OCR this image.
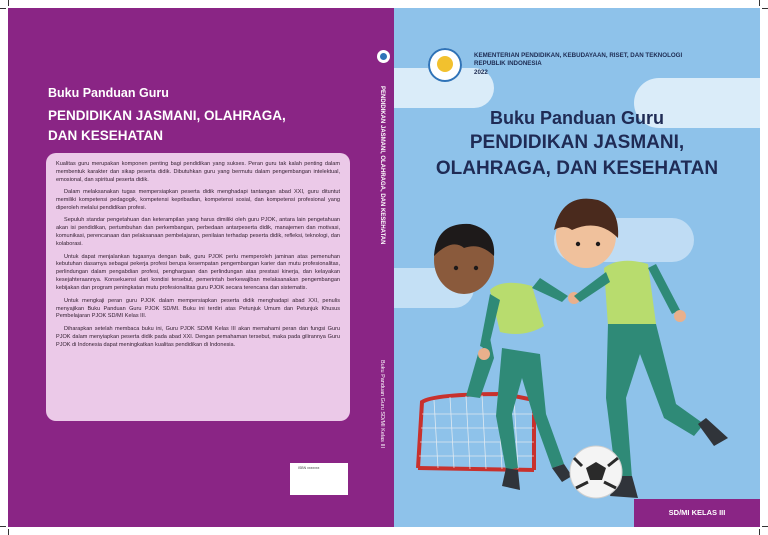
Buku Panduan Guru
PENDIDIKAN JASMANI, OLAHRAGA,
DAN KESEHATAN

Kualitas guru merupakan komponen penting bagi pendidikan yang sukses. Peran guru tak kalah penting dalam membentuk karakter dan sikap peserta didik. Dibutuhkan guru yang bermutu dalam pengembangan intelektual, emosional, dan spiritual peserta didik.

Dalam melaksanakan tugas mempersiapkan peserta didik menghadapi tantangan abad XXI, guru dituntut memiliki kompetensi pedagogik, kompetensi kepribadian, kompetensi sosial, dan kompetensi profesional yang diperoleh melalui pendidikan profesi.

Sepuluh standar pengetahuan dan keterampilan yang harus dimiliki oleh guru PJOK, antara lain pengetahuan akan isi pendidikan, pertumbuhan dan perkembangan, perbedaan antarpeserta didik, manajemen dan motivasi, komunikasi, perencanaan dan pelaksanaan pembelajaran, penilaian terhadap peserta didik, refleksi, teknologi, dan kolaborasi.

Untuk dapat menjalankan tugasnya dengan baik, guru PJOK perlu memperoleh jaminan atas pemenuhan kebutuhan dasarnya sebagai pekerja profesi berupa kesempatan pengembangan karier dan mutu profesionalitas, perlindungan dalam pengabdian profesi, penghargaan dan perlindungan atas prestasi kinerja, dan kelayakan kesejahteraannya. Konsekuensi dari kondisi tersebut, pemerintah berkewajiban melaksanakan pengembangan kebijakan dan program peningkatan mutu profesionalitas guru PJOK secara terencana dan sistematis.

Untuk mengkaji peran guru PJOK dalam mempersiapkan peserta didik menghadapi abad XXI, penulis menyajikan Buku Panduan Guru PJOK SD/MI. Buku ini terdiri atas Petunjuk Umum dan Petunjuk Khusus Pembelajaran PJOK SD/MI Kelas III.

Diharapkan setelah membaca buku ini, Guru PJOK SD/MI Kelas III akan memahami peran dan fungsi Guru PJOK dalam menyiapkan peserta didik pada abad XXI. Dengan pemahaman tersebut, maka pada gilirannya Guru PJOK di Indonesia dapat meningkatkan kualitas pendidikan di Indonesia.

ISBN xxxxxxx
PENDIDIKAN JASMANI, OLAHRAGA, DAN KESEHATAN
Buku Panduan Guru SD/MI Kelas III
KEMENTERIAN PENDIDIKAN, KEBUDAYAAN, RISET, DAN TEKNOLOGI
REPUBLIK INDONESIA
2022
Buku Panduan Guru
PENDIDIKAN JASMANI,
OLAHRAGA, DAN KESEHATAN
SD/MI KELAS III
